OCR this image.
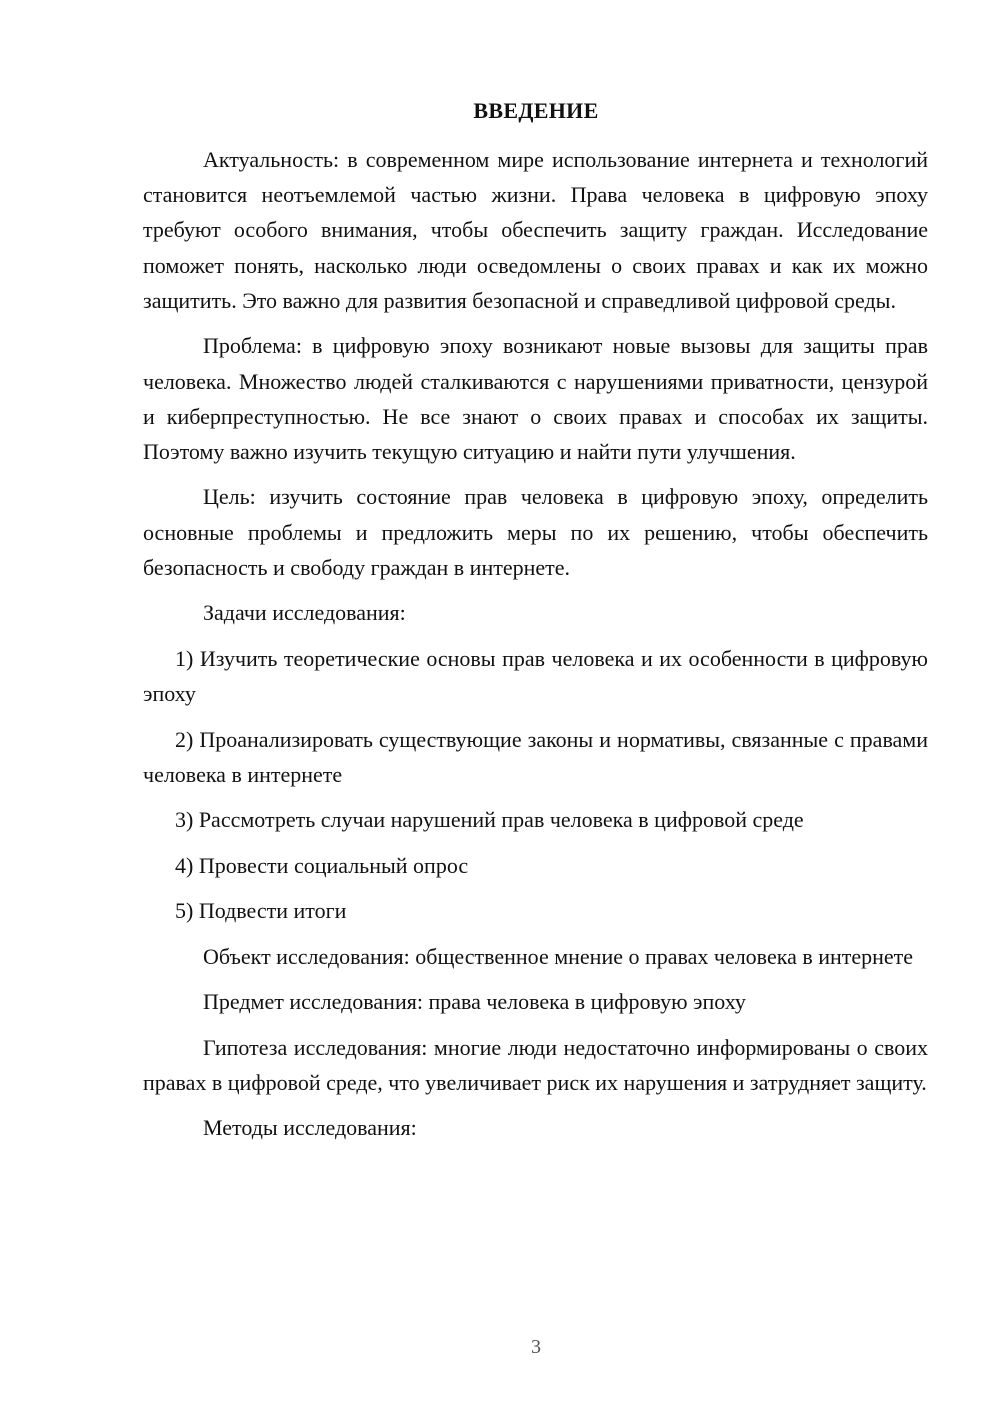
ВВЕДЕНИЕ

Актуальность: в современном мире использование интернета и технологий становится неотъемлемой частью жизни. Права человека в цифровую эпоху требуют особого внимания, чтобы обеспечить защиту граждан. Исследование поможет понять, насколько люди осведомлены о своих правах и как их можно защитить. Это важно для развития безопасной и справедливой цифровой среды.

Проблема: в цифровую эпоху возникают новые вызовы для защиты прав человека. Множество людей сталкиваются с нарушениями приватности, цензурой и киберпреступностью. Не все знают о своих правах и способах их защиты. Поэтому важно изучить текущую ситуацию и найти пути улучшения.

Цель: изучить состояние прав человека в цифровую эпоху, определить основные проблемы и предложить меры по их решению, чтобы обеспечить безопасность и свободу граждан в интернете.

Задачи исследования:

1) Изучить теоретические основы прав человека и их особенности в цифровую эпоху

2) Проанализировать существующие законы и нормативы, связанные с правами человека в интернете

3) Рассмотреть случаи нарушений прав человека в цифровой среде

4) Провести социальный опрос

5) Подвести итоги

Объект исследования: общественное мнение о правах человека в интернете

Предмет исследования: права человека в цифровую эпоху

Гипотеза исследования: многие люди недостаточно информированы о своих правах в цифровой среде, что увеличивает риск их нарушения и затрудняет защиту.

Методы исследования:

3
